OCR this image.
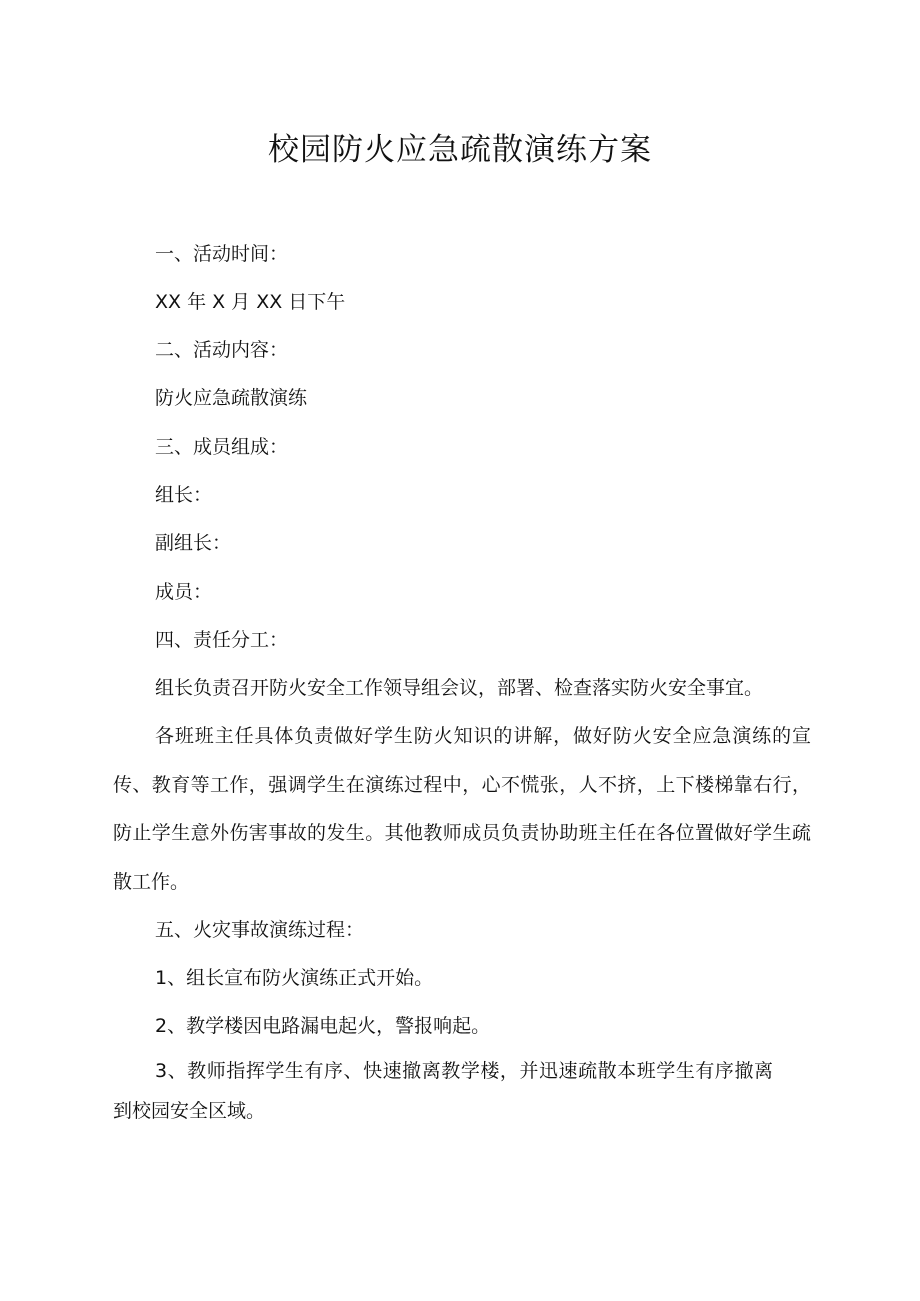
校园防火应急疏散演练方案
一、活动时间：
XX 年 X 月 XX 日下午
二、活动内容：
防火应急疏散演练
三、成员组成：
组长：
副组长：
成员：
四、责任分工：
组长负责召开防火安全工作领导组会议，部署、检查落实防火安全事宜。
各班班主任具体负责做好学生防火知识的讲解，做好防火安全应急演练的宣传、教育等工作，强调学生在演练过程中，心不慌张，人不挤，上下楼梯靠右行，防止学生意外伤害事故的发生。其他教师成员负责协助班主任在各位置做好学生疏散工作。
五、火灾事故演练过程：
1、组长宣布防火演练正式开始。
2、教学楼因电路漏电起火，警报响起。
3、教师指挥学生有序、快速撤离教学楼，并迅速疏散本班学生有序撤离到校园安全区域。
